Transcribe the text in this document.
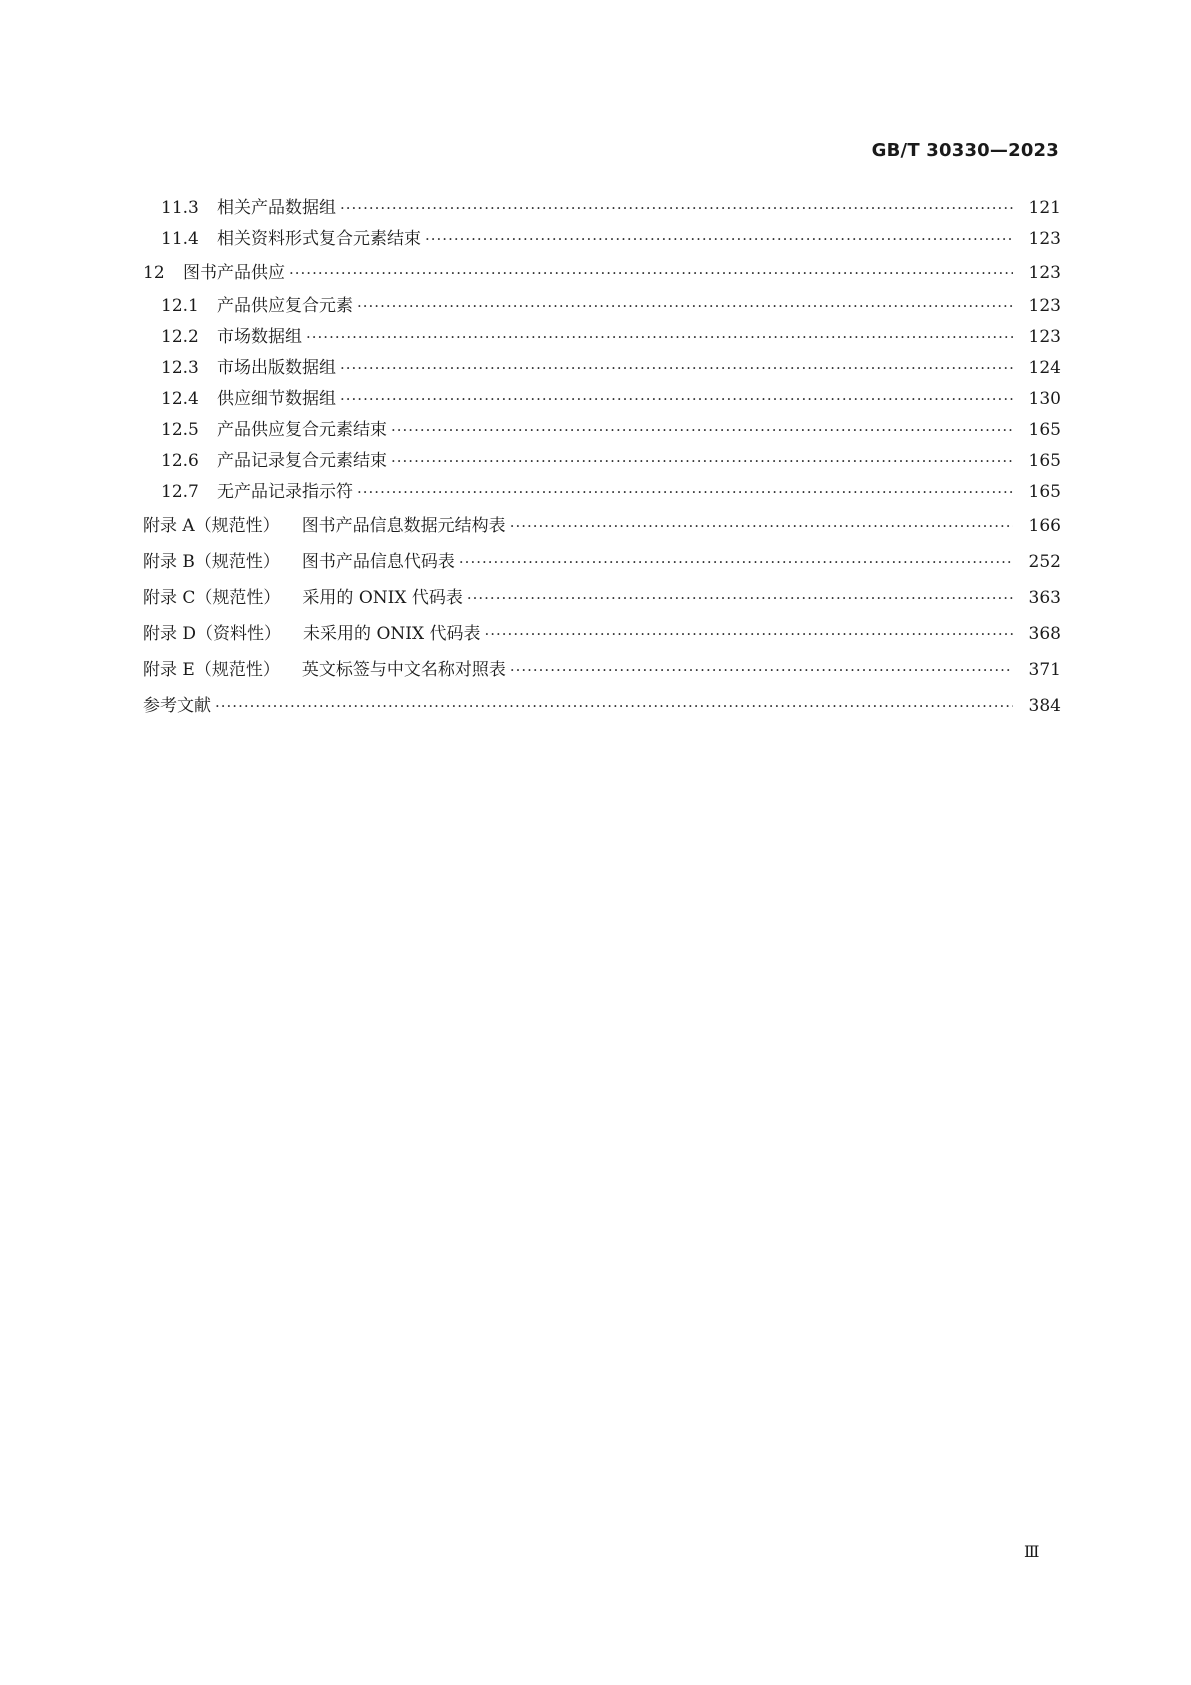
GB/T 30330—2023
11.3	相关产品数据组 ·····	121
11.4	相关资料形式复合元素结束 ·····	123
12	图书产品供应 ·····	123
12.1	产品供应复合元素 ·····	123
12.2	市场数据组 ·····	123
12.3	市场出版数据组 ·····	124
12.4	供应细节数据组 ·····	130
12.5	产品供应复合元素结束 ·····	165
12.6	产品记录复合元素结束 ·····	165
12.7	无产品记录指示符 ·····	165
附录 A （规范性） 图书产品信息数据元结构表 ·····	166
附录 B （规范性） 图书产品信息代码表 ·····	252
附录 C （规范性） 采用的 ONIX 代码表 ·····	363
附录 D （资料性） 未采用的 ONIX 代码表 ·····	368
附录 E （规范性） 英文标签与中文名称对照表 ·····	371
参考文献 ·····	384
Ⅲ
